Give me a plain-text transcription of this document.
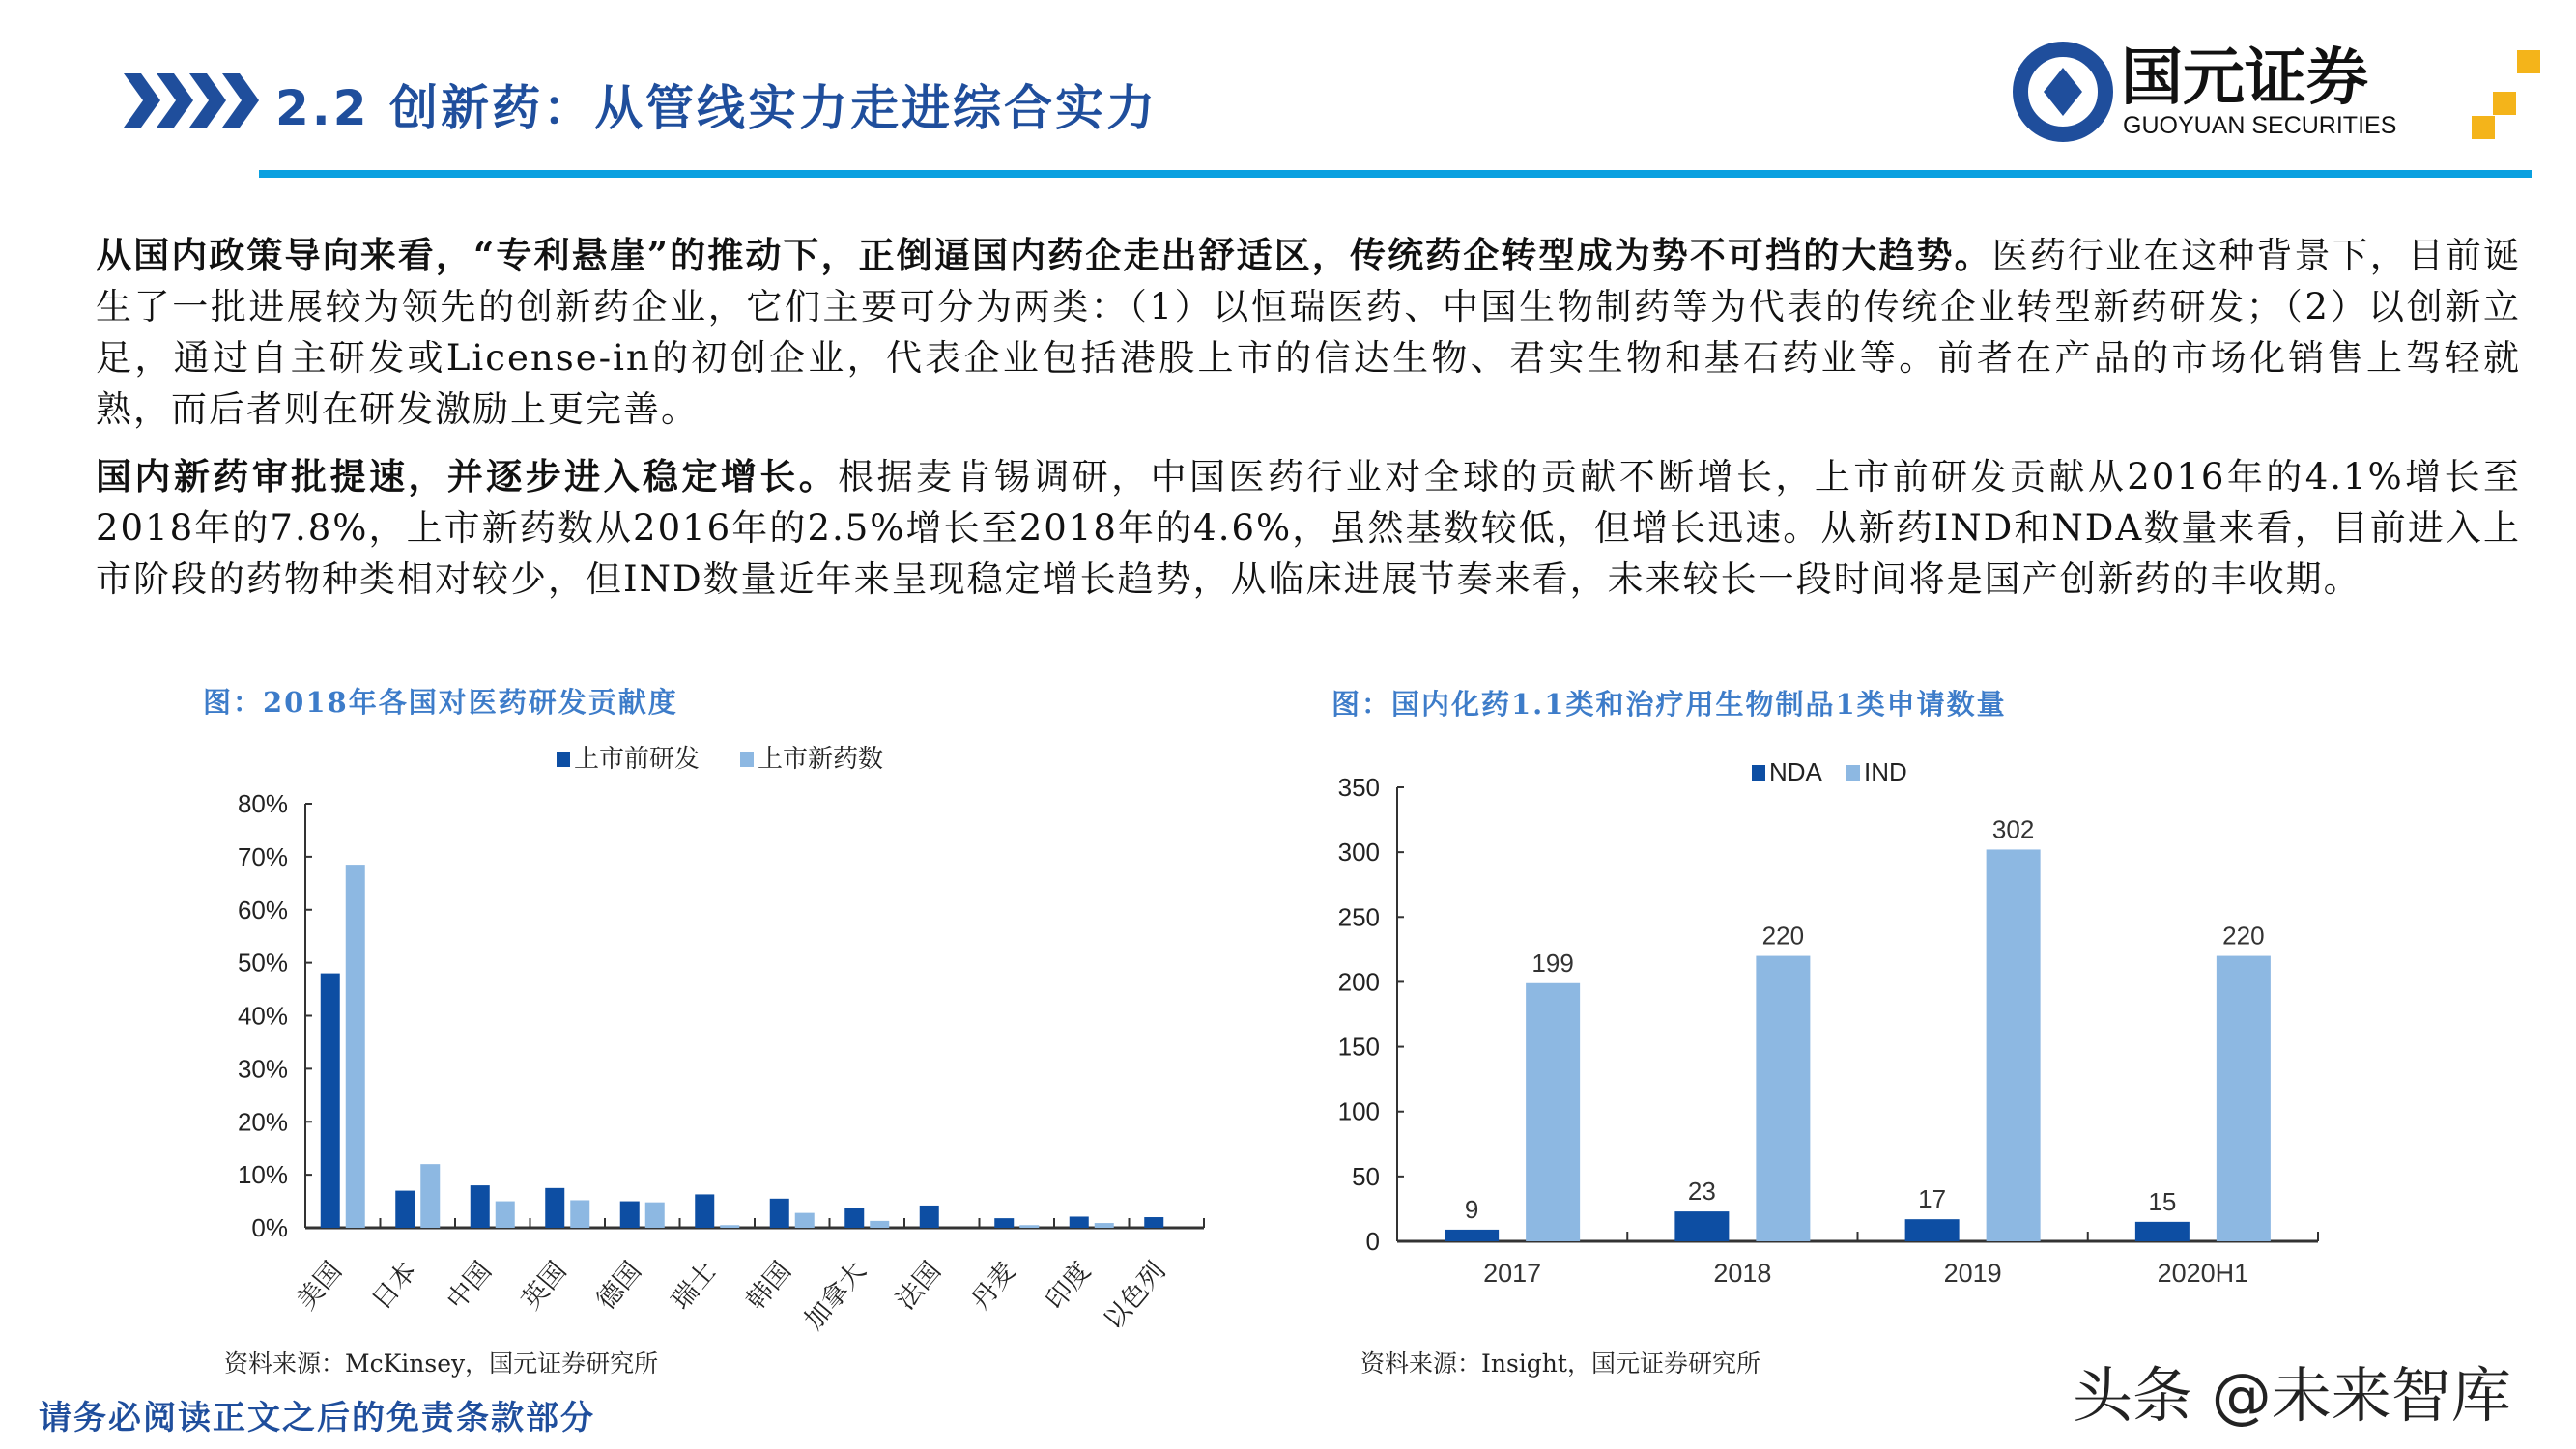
2.2 创新药：从管线实力走进综合实力	国元证券
GUOYUAN SECURITIES
从国内政策导向来看，“专利悬崖”的推动下，正倒逼国内药企走出舒适区，传统药企转型成为势不可挡的大趋势。医药行业在这种背景下，目前诞生了一批进展较为领先的创新药企业，它们主要可分为两类：（1）以恒瑞医药、中国生物制药等为代表的传统企业转型新药研发；（2）以创新立足，通过自主研发或License-in的初创企业，代表企业包括港股上市的信达生物、君实生物和基石药业等。前者在产品的市场化销售上驾轻就熟，而后者则在研发激励上更完善。
国内新药审批提速，并逐步进入稳定增长。根据麦肯锡调研，中国医药行业对全球的贡献不断增长，上市前研发贡献从2016年的4.1%增长至2018年的7.8%，上市新药数从2016年的2.5%增长至2018年的4.6%，虽然基数较低，但增长迅速。从新药IND和NDA数量来看，目前进入上市阶段的药物种类相对较少，但IND数量近年来呈现稳定增长趋势，从临床进展节奏来看，未来较长一段时间将是国产创新药的丰收期。
图：2018年各国对医药研发贡献度	图：国内化药1.1类和治疗用生物制品1类申请数量
0%
10%
20%
30%
40%
50%
60%
70%
80%
美国 日本 中国 英国 德国 瑞士 韩国 加拿大 法国 丹麦 印度 以色列
上市前研发 上市新药数
0
50
100
150
200
250
300
350
9
199
2017
23
220
2018
17
302
2019
15
220
2020H1
NDA IND
资料来源：McKinsey，国元证券研究所	资料来源：Insight，国元证券研究所
请务必阅读正文之后的免责条款部分	头条 @未来智库
